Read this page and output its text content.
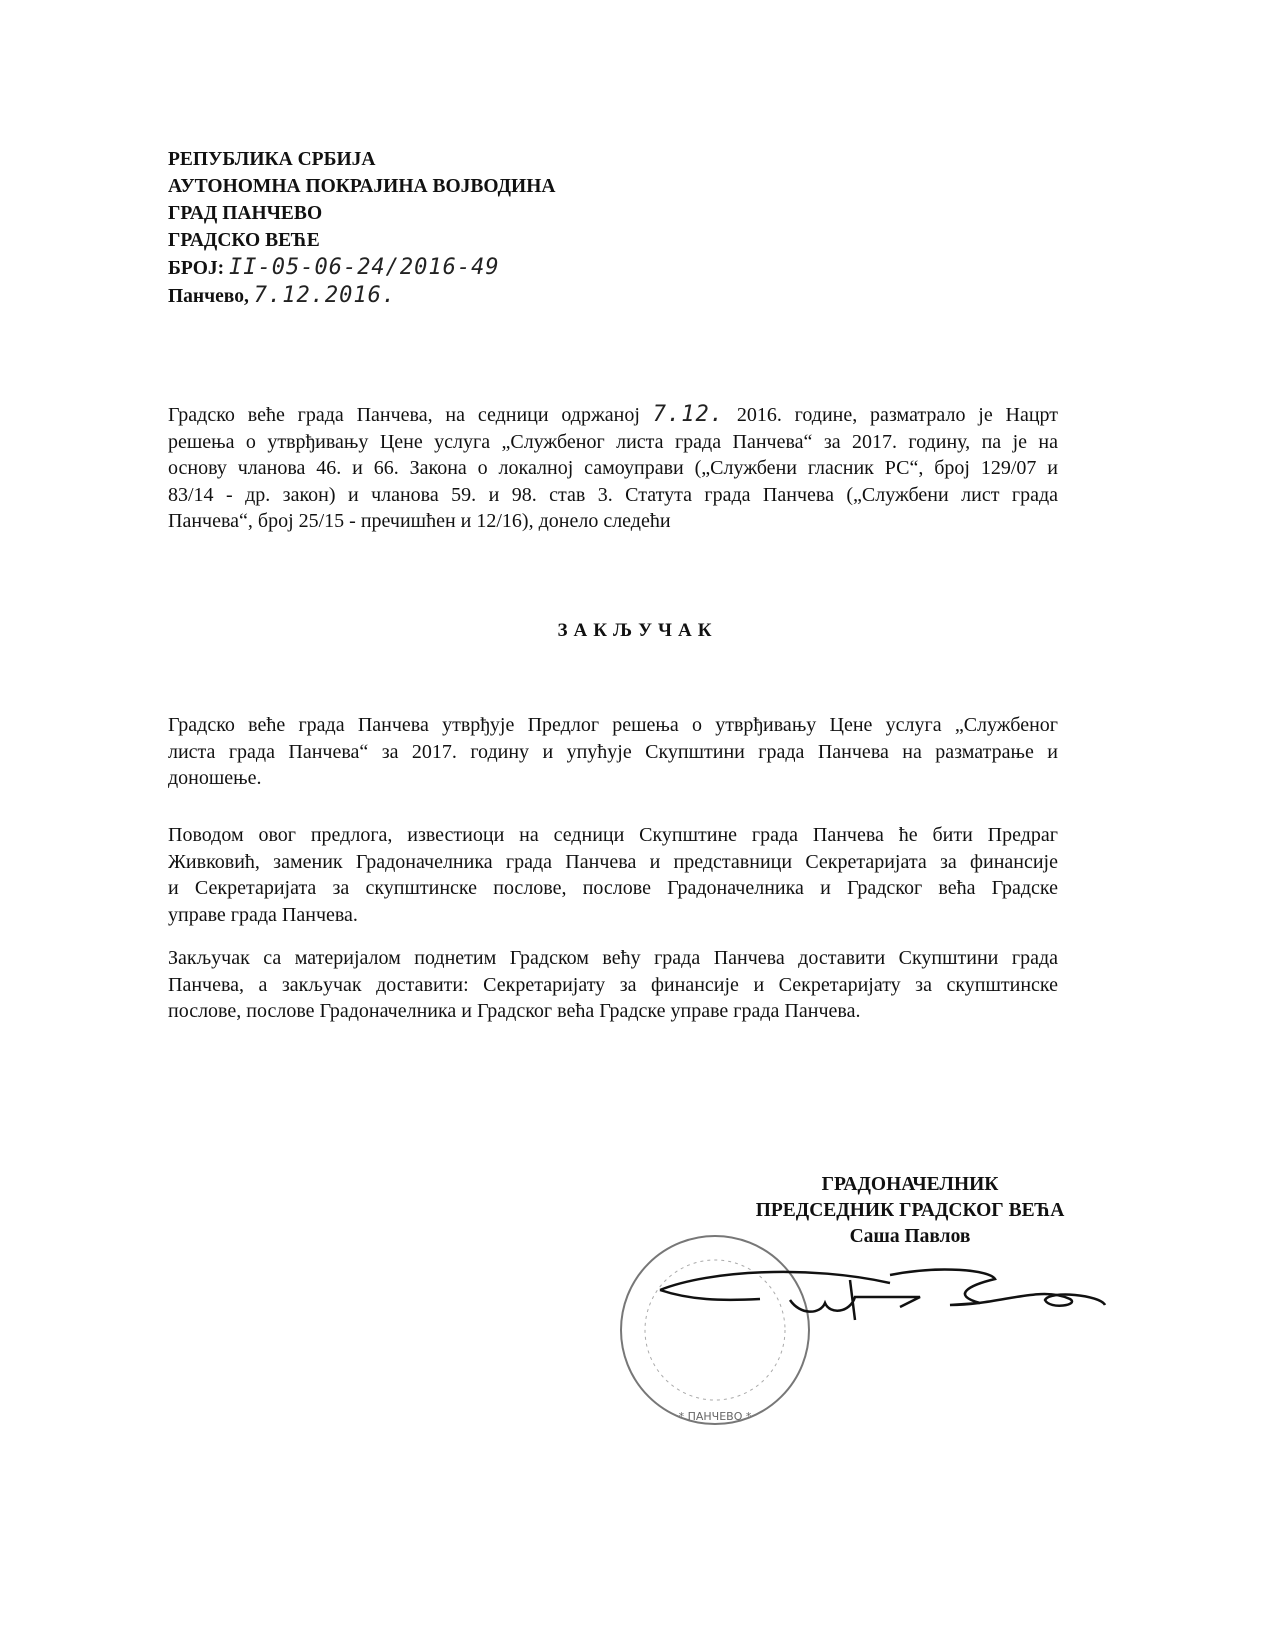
РЕПУБЛИКА СРБИЈА
АУТОНОМНА ПОКРАЈИНА ВОЈВОДИНА
ГРАД ПАНЧЕВО
ГРАДСКО ВЕЋЕ
БРОЈ: II-05-06-24/2016-49
Панчево, 7.12.2016.
Градско веће града Панчева, на седници одржаној 7.12. 2016. године, разматрало је Нацрт
решења о утврђивању Цене услуга „Службеног листа града Панчева“ за 2017. годину, па је на
основу чланова 46. и 66. Закона о локалној самоуправи („Службени гласник РС“, број 129/07 и
83/14 - др. закон) и чланова 59. и 98. став 3. Статута града Панчева („Службени лист града
Панчева“, број 25/15 - пречишћен и 12/16), донело следећи
ЗАКЉУЧАК
Градско веће града Панчева утврђује Предлог решења о утврђивању Цене услуга „Службеног
листа града Панчева“ за 2017. годину и упућује Скупштини града Панчева на разматрање и
доношење.
Поводом овог предлога, известиоци на седници Скупштине града Панчева ће бити Предраг
Живковић, заменик Градоначелника града Панчева и представници Секретаријата за финансије
и Секретаријата за скупштинске послове, послове Градоначелника и Градског већа Градске
управе града Панчева.
Закључак са материјалом поднетим Градском већу града Панчева доставити Скупштини града
Панчева, а закључак доставити: Секретаријату за финансије и Секретаријату за скупштинске
послове, послове Градоначелника и Градског већа Градске управе града Панчева.
ГРАДОНАЧЕЛНИК
ПРЕДСЕДНИК ГРАДСКОГ ВЕЋА
Саша Павлов
* ПАНЧЕВО *
